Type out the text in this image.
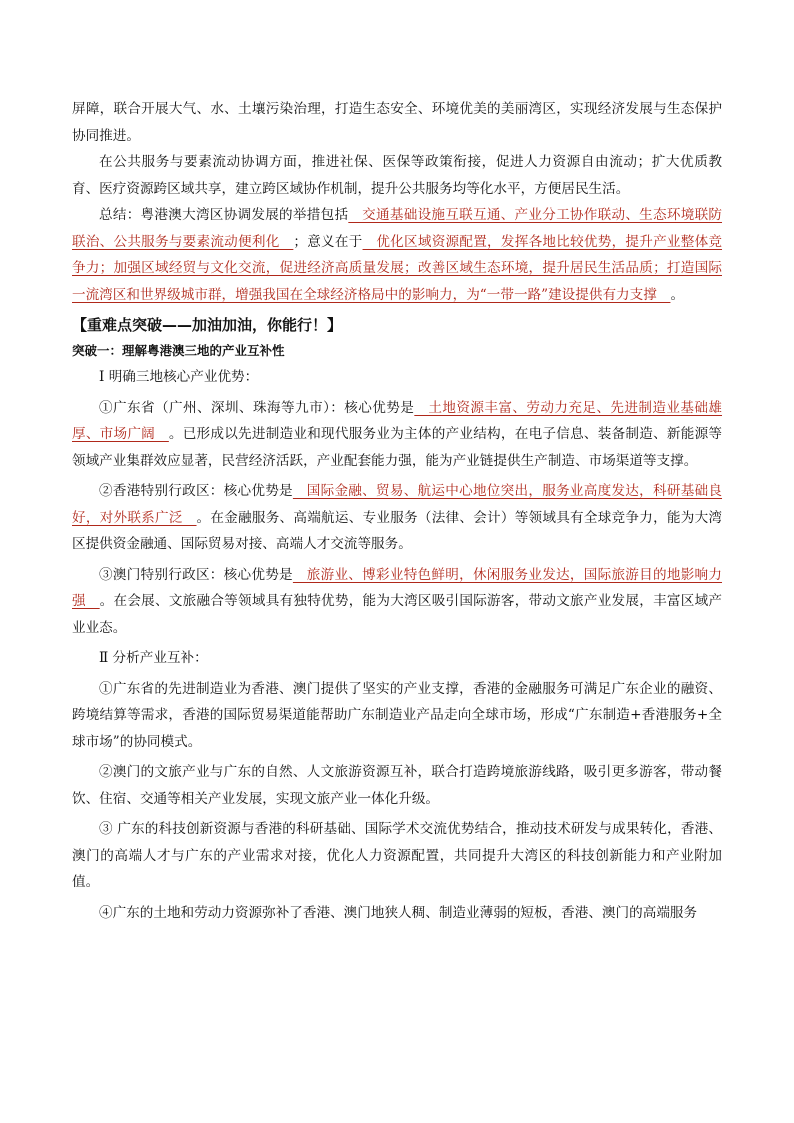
屏障，联合开展大气、水、土壤污染治理，打造生态安全、环境优美的美丽湾区，实现经济发展与生态保护协同推进。

在公共服务与要素流动协调方面，推进社保、医保等政策衔接，促进人力资源自由流动；扩大优质教育、医疗资源跨区域共享，建立跨区域协作机制，提升公共服务均等化水平，方便居民生活。

总结：粤港澳大湾区协调发展的举措包括　交通基础设施互联互通、产业分工协作联动、生态环境联防联治、公共服务与要素流动便利化　；意义在于　优化区域资源配置，发挥各地比较优势，提升产业整体竞争力；加强区域经贸与文化交流，促进经济高质量发展；改善区域生态环境，提升居民生活品质；打造国际一流湾区和世界级城市群，增强我国在全球经济格局中的影响力，为“一带一路”建设提供有力支撑　。

【重难点突破——加油加油，你能行！】

突破一：理解粤港澳三地的产业互补性

Ⅰ 明确三地核心产业优势：

①广东省（广州、深圳、珠海等九市）：核心优势是　土地资源丰富、劳动力充足、先进制造业基础雄厚、市场广阔　。已形成以先进制造业和现代服务业为主体的产业结构，在电子信息、装备制造、新能源等领域产业集群效应显著，民营经济活跃，产业配套能力强，能为产业链提供生产制造、市场渠道等支撑。

②香港特别行政区：核心优势是　国际金融、贸易、航运中心地位突出，服务业高度发达，科研基础良好，对外联系广泛　。在金融服务、高端航运、专业服务（法律、会计）等领域具有全球竞争力，能为大湾区提供资金融通、国际贸易对接、高端人才交流等服务。

③澳门特别行政区：核心优势是　旅游业、博彩业特色鲜明，休闲服务业发达，国际旅游目的地影响力强　。在会展、文旅融合等领域具有独特优势，能为大湾区吸引国际游客，带动文旅产业发展，丰富区域产业业态。

Ⅱ 分析产业互补：

①广东省的先进制造业为香港、澳门提供了坚实的产业支撑，香港的金融服务可满足广东企业的融资、跨境结算等需求，香港的国际贸易渠道能帮助广东制造业产品走向全球市场，形成“广东制造+香港服务+全球市场”的协同模式。

②澳门的文旅产业与广东的自然、人文旅游资源互补，联合打造跨境旅游线路，吸引更多游客，带动餐饮、住宿、交通等相关产业发展，实现文旅产业一体化升级。

③ 广东的科技创新资源与香港的科研基础、国际学术交流优势结合，推动技术研发与成果转化，香港、澳门的高端人才与广东的产业需求对接，优化人力资源配置，共同提升大湾区的科技创新能力和产业附加值。

④广东的土地和劳动力资源弥补了香港、澳门地狭人稠、制造业薄弱的短板，香港、澳门的高端服务
